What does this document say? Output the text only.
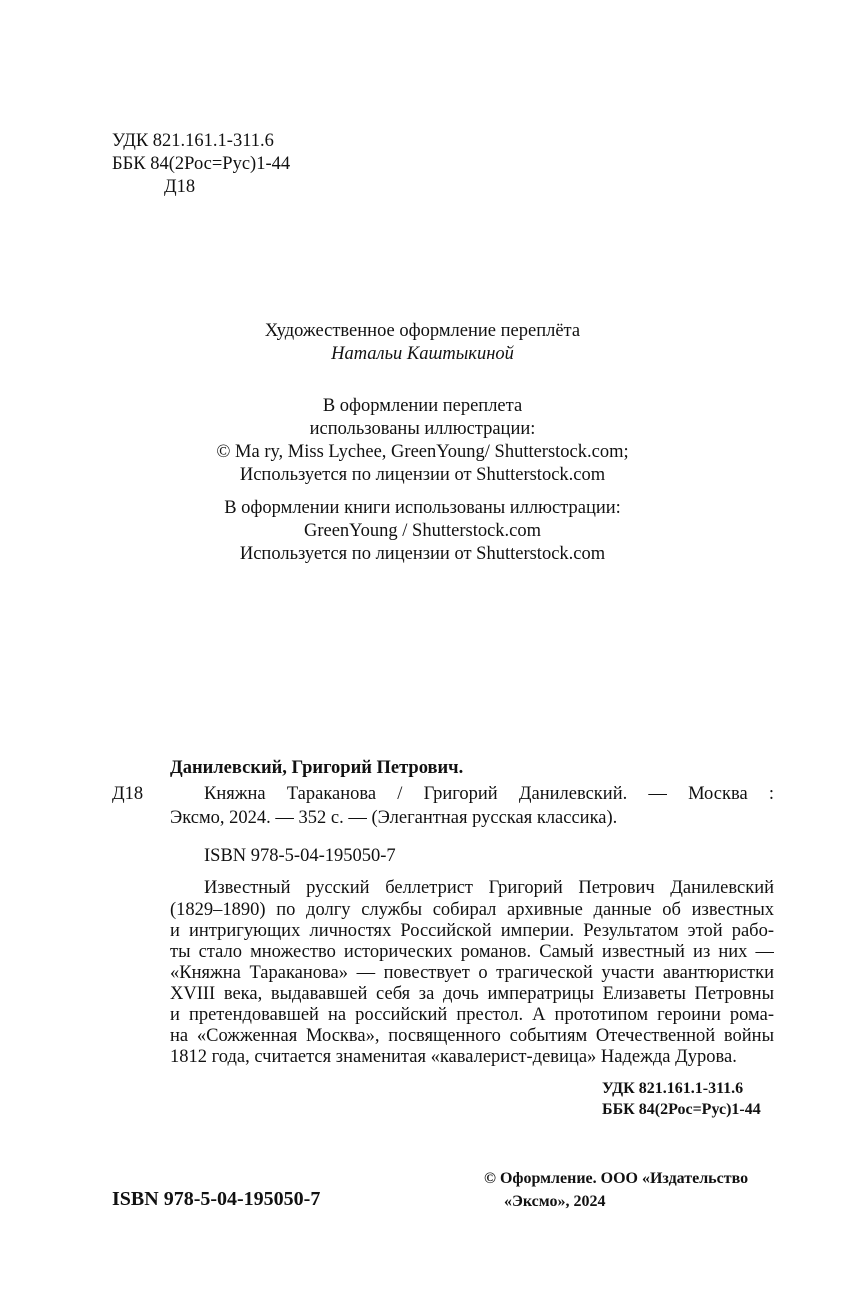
УДК 821.161.1-311.6
ББК 84(2Рос=Рус)1-44
Д18
Художественное оформление переплёта
Натальи Каштыкиной
В оформлении переплета
использованы иллюстрации:
© Ma ry, Miss Lychee, GreenYoung/ Shutterstock.com;
Используется по лицензии от Shutterstock.com
В оформлении книги использованы иллюстрации:
GreenYoung / Shutterstock.com
Используется по лицензии от Shutterstock.com
Данилевский, Григорий Петрович.
Д18	Княжна Тараканова / Григорий Данилевский. — Москва :
Эксмо, 2024. — 352 с. — (Элегантная русская классика).
ISBN 978-5-04-195050-7
Известный русский беллетрист Григорий Петрович Данилевский
(1829–1890) по долгу службы собирал архивные данные об известных
и интригующих личностях Российской империи. Результатом этой рабо-
ты стало множество исторических романов. Самый известный из них —
«Княжна Тараканова» — повествует о трагической участи авантюристки
XVIII века, выдававшей себя за дочь императрицы Елизаветы Петровны
и претендовавшей на российский престол. А прототипом героини рома-
на «Сожженная Москва», посвященного событиям Отечественной войны
1812 года, считается знаменитая «кавалерист-девица» Надежда Дурова.
УДК 821.161.1-311.6
ББК 84(2Рос=Рус)1-44
ISBN 978-5-04-195050-7
© Оформление. ООО «Издательство
«Эксмо», 2024
